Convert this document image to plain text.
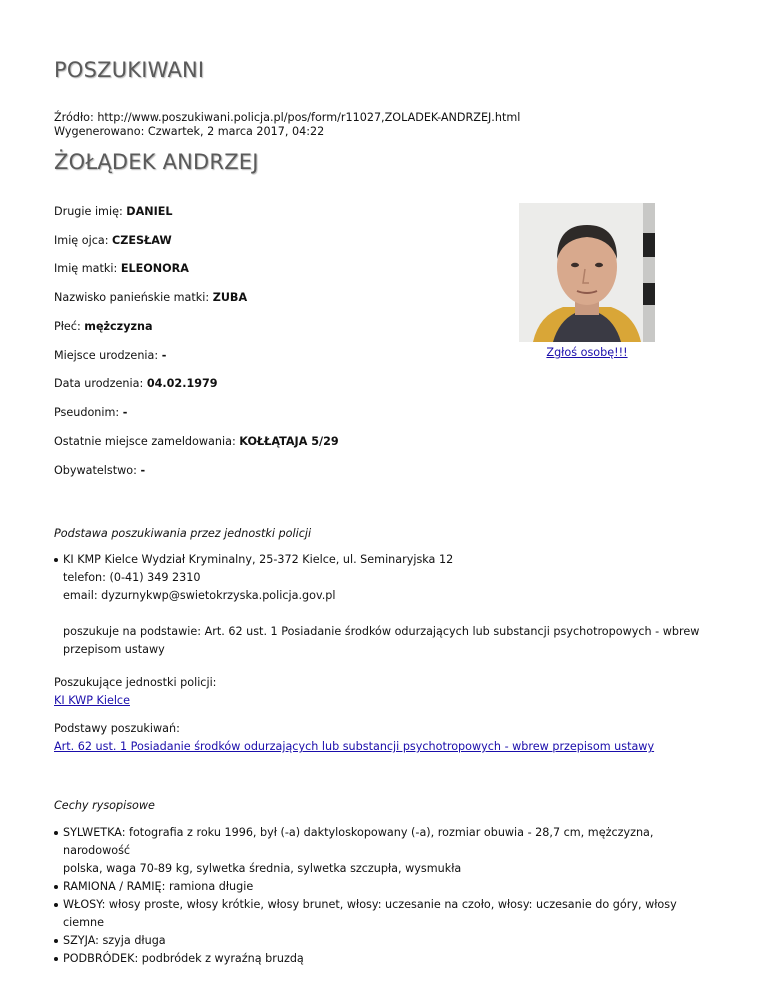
POSZUKIWANI
Źródło: http://www.poszukiwani.policja.pl/pos/form/r11027,ZOLADEK-ANDRZEJ.html
Wygenerowano: Czwartek, 2 marca 2017, 04:22
ŻOŁĄDEK ANDRZEJ
Drugie imię: DANIEL
Imię ojca: CZESŁAW
Imię matki: ELEONORA
Nazwisko panieńskie matki: ZUBA
Płeć: mężczyzna
Miejsce urodzenia: -
Data urodzenia: 04.02.1979
Pseudonim: -
Ostatnie miejsce zameldowania: KOŁŁĄTAJA 5/29
Obywatelstwo: -
Zgłoś osobę!!!
Podstawa poszukiwania przez jednostki policji
KI KMP Kielce Wydział Kryminalny, 25-372 Kielce, ul. Seminaryjska 12
telefon: (0-41) 349 2310
email: dyzurnykwp@swietokrzyska.policja.gov.pl
poszukuje na podstawie: Art. 62 ust. 1 Posiadanie środków odurzających lub substancji psychotropowych - wbrew
przepisom ustawy
Poszukujące jednostki policji:
KI KWP Kielce
Podstawy poszukiwań:
Art. 62 ust. 1 Posiadanie środków odurzających lub substancji psychotropowych - wbrew przepisom ustawy
Cechy rysopisowe
SYLWETKA: fotografia z roku 1996, był (-a) daktyloskopowany (-a), rozmiar obuwia - 28,7 cm, mężczyzna, narodowość
polska, waga 70-89 kg, sylwetka średnia, sylwetka szczupła, wysmukła
RAMIONA / RAMIĘ: ramiona długie
WŁOSY: włosy proste, włosy krótkie, włosy brunet, włosy: uczesanie na czoło, włosy: uczesanie do góry, włosy ciemne
SZYJA: szyja długa
PODBRÓDEK: podbródek z wyraźną bruzdą
